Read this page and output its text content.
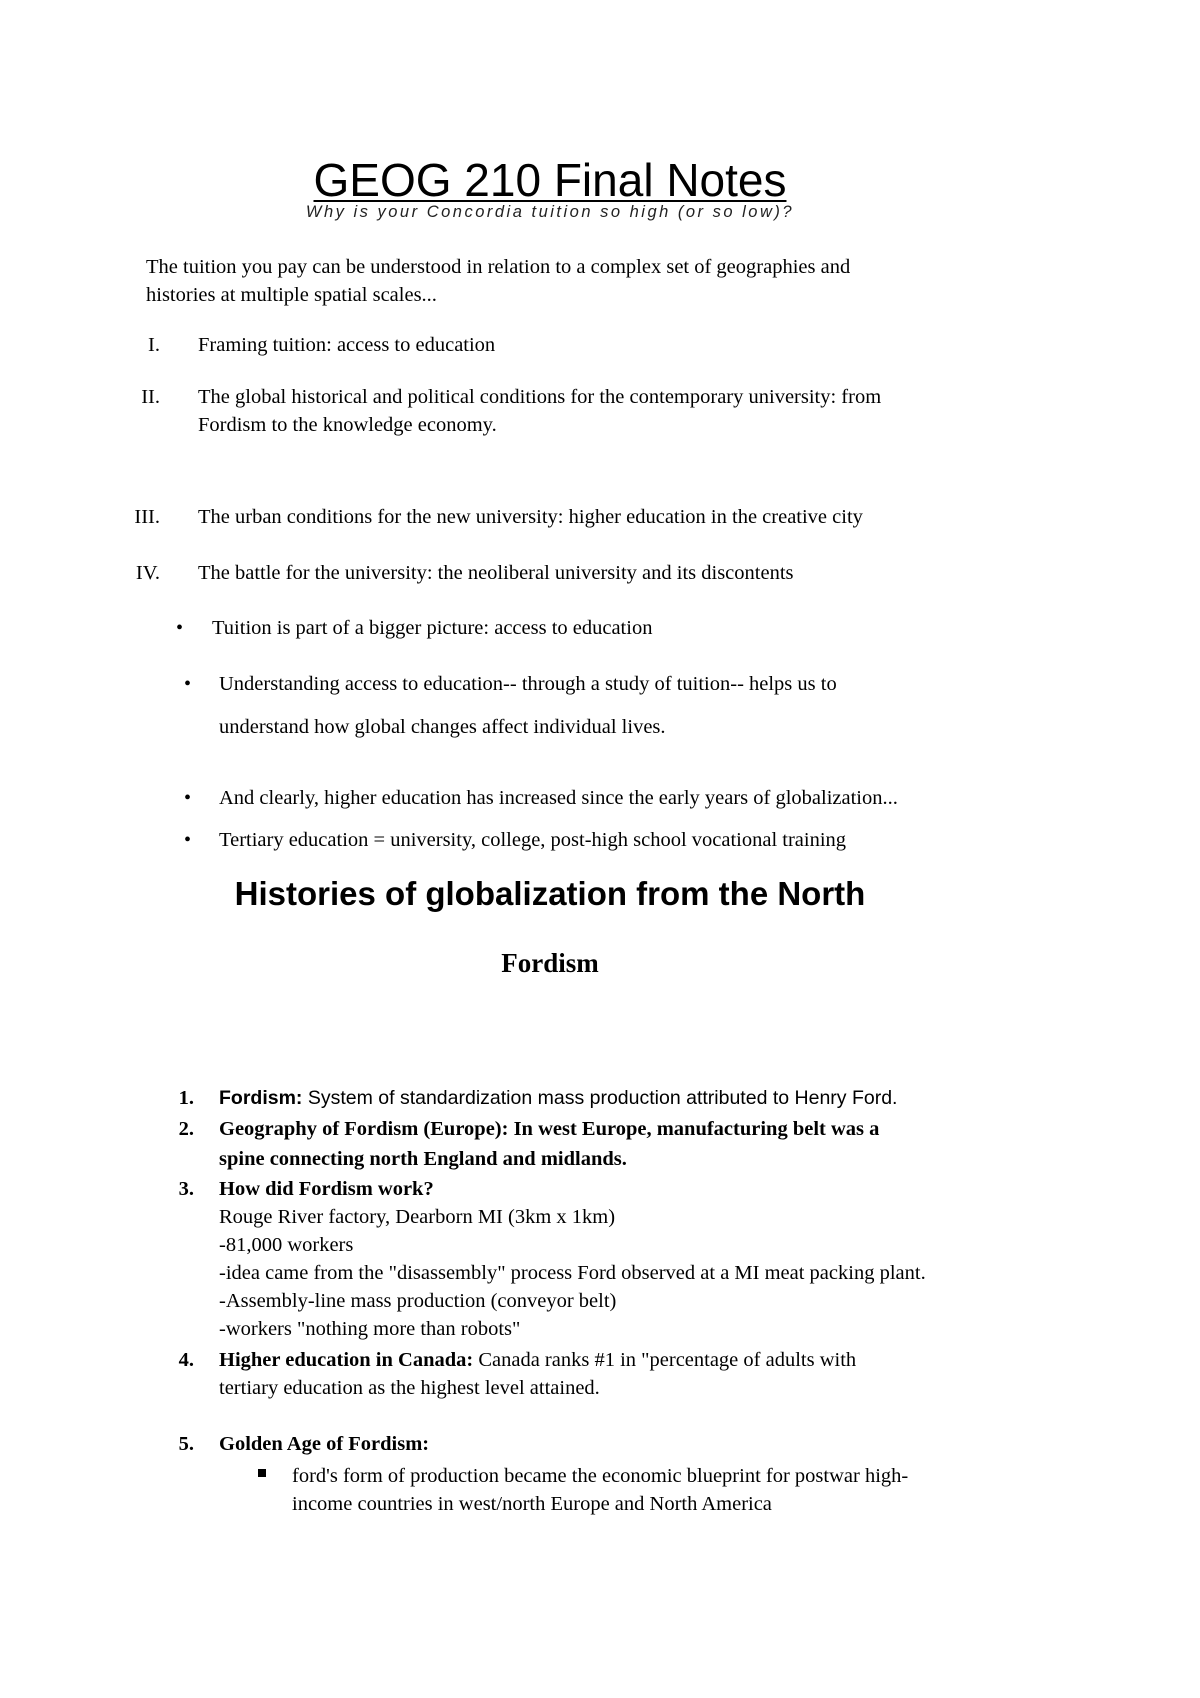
GEOG 210 Final Notes
Why is your Concordia tuition so high (or so low)?
The tuition you pay can be understood in relation to a complex set of geographies and
histories at multiple spatial scales...
I. Framing tuition: access to education
II. The global historical and political conditions for the contemporary university: from
Fordism to the knowledge economy.
III. The urban conditions for the new university: higher education in the creative city
IV. The battle for the university: the neoliberal university and its discontents
• Tuition is part of a bigger picture: access to education
• Understanding access to education-- through a study of tuition-- helps us to
understand how global changes affect individual lives.
• And clearly, higher education has increased since the early years of globalization...
• Tertiary education = university, college, post-high school vocational training
Histories of globalization from the North
Fordism
1. Fordism: System of standardization mass production attributed to Henry Ford.
2. Geography of Fordism (Europe): In west Europe, manufacturing belt was a
spine connecting north England and midlands.
3. How did Fordism work?
Rouge River factory, Dearborn MI (3km x 1km)
-81,000 workers
-idea came from the "disassembly" process Ford observed at a MI meat packing plant.
-Assembly-line mass production (conveyor belt)
-workers "nothing more than robots"
4. Higher education in Canada: Canada ranks #1 in "percentage of adults with
tertiary education as the highest level attained.
5. Golden Age of Fordism:
ford's form of production became the economic blueprint for postwar high-
income countries in west/north Europe and North America
